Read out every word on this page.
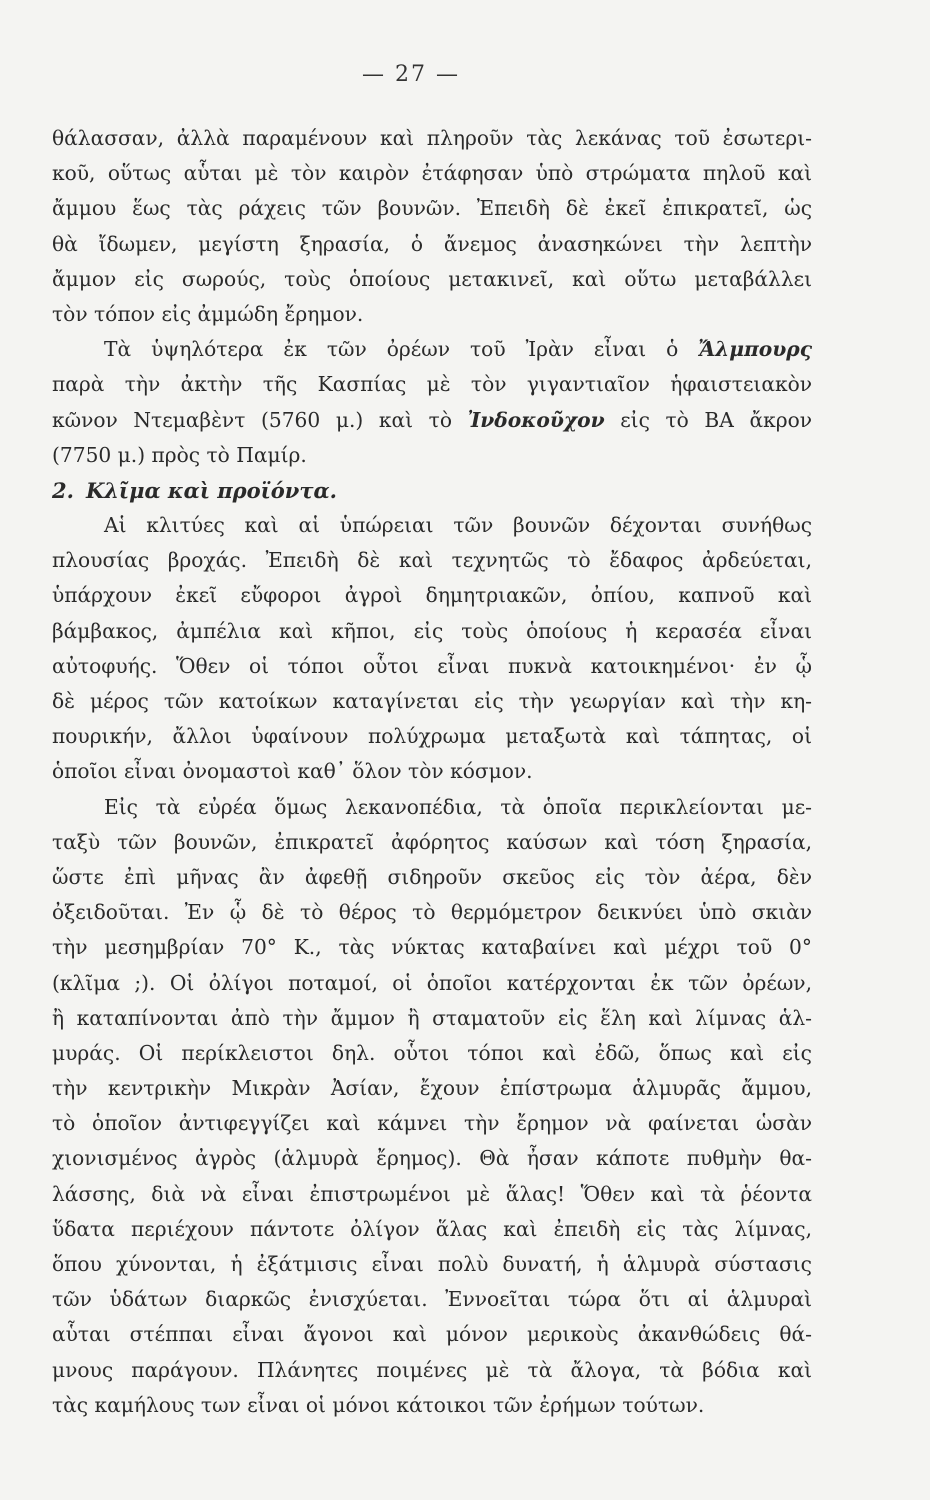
— 27 —
θάλασσαν, ἀλλὰ παραμένουν καὶ πληροῦν τὰς λεκάνας τοῦ ἐσωτερι-
κοῦ, οὕτως αὗται μὲ τὸν καιρὸν ἐτάφησαν ὑπὸ στρώματα πηλοῦ καὶ
ἄμμου ἕως τὰς ράχεις τῶν βουνῶν. Ἐπειδὴ δὲ ἐκεῖ ἐπικρατεῖ, ὡς
θὰ ἴδωμεν, μεγίστη ξηρασία, ὁ ἄνεμος ἀνασηκώνει τὴν λεπτὴν
ἄμμον εἰς σωρούς, τοὺς ὁποίους μετακινεῖ, καὶ οὕτω μεταβάλλει
τὸν τόπον εἰς ἀμμώδη ἔρημον.
Τὰ ὑψηλότερα ἐκ τῶν ὀρέων τοῦ Ἰρὰν εἶναι ὁ Ἄλμπουρς
παρὰ τὴν ἀκτὴν τῆς Κασπίας μὲ τὸν γιγαντιαῖον ἡφαιστειακὸν
κῶνον Ντεμαβὲντ (5760 μ.) καὶ τὸ Ἰνδοκοῦχον εἰς τὸ ΒΑ ἄκρον
(7750 μ.) πρὸς τὸ Παμίρ.
2. Κλῖμα καὶ προϊόντα.
Αἱ κλιτύες καὶ αἱ ὑπώρειαι τῶν βουνῶν δέχονται συνήθως
πλουσίας βροχάς. Ἐπειδὴ δὲ καὶ τεχνητῶς τὸ ἔδαφος ἀρδεύεται,
ὑπάρχουν ἐκεῖ εὔφοροι ἀγροὶ δημητριακῶν, ὀπίου, καπνοῦ καὶ
βάμβακος, ἀμπέλια καὶ κῆποι, εἰς τοὺς ὁποίους ἡ κερασέα εἶναι
αὐτοφυής. Ὅθεν οἱ τόποι οὗτοι εἶναι πυκνὰ κατοικημένοι· ἐν ᾧ
δὲ μέρος τῶν κατοίκων καταγίνεται εἰς τὴν γεωργίαν καὶ τὴν κη-
πουρικήν, ἄλλοι ὑφαίνουν πολύχρωμα μεταξωτὰ καὶ τάπητας, οἱ
ὁποῖοι εἶναι ὀνομαστοὶ καθ᾽ ὅλον τὸν κόσμον.
Εἰς τὰ εὐρέα ὅμως λεκανοπέδια, τὰ ὁποῖα περικλείονται με-
ταξὺ τῶν βουνῶν, ἐπικρατεῖ ἀφόρητος καύσων καὶ τόση ξηρασία,
ὥστε ἐπὶ μῆνας ἂν ἀφεθῇ σιδηροῦν σκεῦος εἰς τὸν ἀέρα, δὲν
ὀξειδοῦται. Ἐν ᾧ δὲ τὸ θέρος τὸ θερμόμετρον δεικνύει ὑπὸ σκιὰν
τὴν μεσημβρίαν 70° Κ., τὰς νύκτας καταβαίνει καὶ μέχρι τοῦ 0°
(κλῖμα ;). Οἱ ὀλίγοι ποταμοί, οἱ ὁποῖοι κατέρχονται ἐκ τῶν ὀρέων,
ἢ καταπίνονται ἀπὸ τὴν ἄμμον ἢ σταματοῦν εἰς ἕλη καὶ λίμνας ἁλ-
μυράς. Οἱ περίκλειστοι δηλ. οὗτοι τόποι καὶ ἐδῶ, ὅπως καὶ εἰς
τὴν κεντρικὴν Μικρὰν Ἀσίαν, ἔχουν ἐπίστρωμα ἁλμυρᾶς ἄμμου,
τὸ ὁποῖον ἀντιφεγγίζει καὶ κάμνει τὴν ἔρημον νὰ φαίνεται ὡσὰν
χιονισμένος ἀγρὸς (ἁλμυρὰ ἔρημος). Θὰ ἦσαν κάποτε πυθμὴν θα-
λάσσης, διὰ νὰ εἶναι ἐπιστρωμένοι μὲ ἅλας! Ὅθεν καὶ τὰ ῥέοντα
ὕδατα περιέχουν πάντοτε ὀλίγον ἅλας καὶ ἐπειδὴ εἰς τὰς λίμνας,
ὅπου χύνονται, ἡ ἐξάτμισις εἶναι πολὺ δυνατή, ἡ ἁλμυρὰ σύστασις
τῶν ὑδάτων διαρκῶς ἐνισχύεται. Ἐννοεῖται τώρα ὅτι αἱ ἁλμυραὶ
αὗται στέππαι εἶναι ἄγονοι καὶ μόνον μερικοὺς ἀκανθώδεις θά-
μνους παράγουν. Πλάνητες ποιμένες μὲ τὰ ἄλογα, τὰ βόδια καὶ
τὰς καμήλους των εἶναι οἱ μόνοι κάτοικοι τῶν ἐρήμων τούτων.
